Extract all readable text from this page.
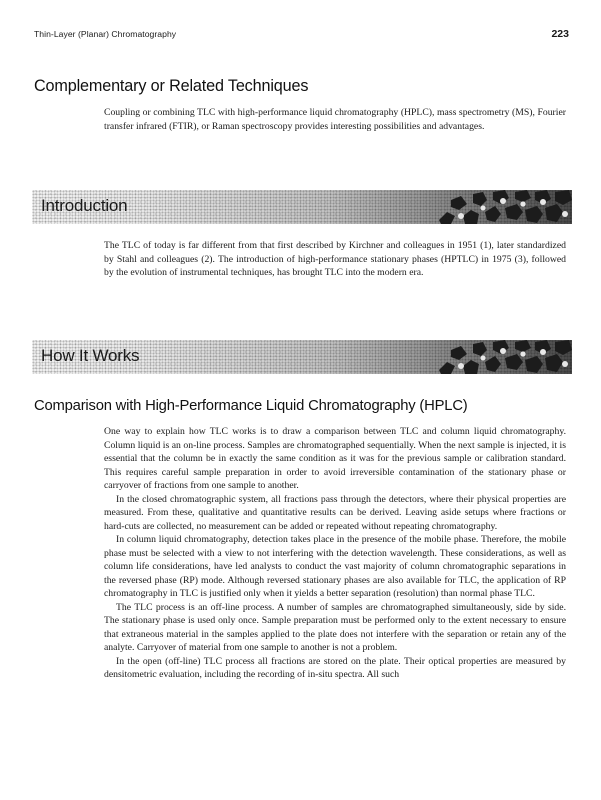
Thin-Layer (Planar) Chromatography	223
Complementary or Related Techniques

Coupling or combining TLC with high-performance liquid chromatography (HPLC), mass spectrometry (MS), Fourier transfer infrared (FTIR), or Raman spectroscopy provides interesting possibilities and advantages.

Introduction

The TLC of today is far different from that first described by Kirchner and colleagues in 1951 (1), later standardized by Stahl and colleagues (2). The introduction of high-performance stationary phases (HPTLC) in 1975 (3), followed by the evolution of instrumental techniques, has brought TLC into the modern era.

How It Works
Comparison with High-Performance Liquid Chromatography (HPLC)

One way to explain how TLC works is to draw a comparison between TLC and column liquid chromatography. Column liquid is an on-line process. Samples are chromatographed sequentially. When the next sample is injected, it is essential that the column be in exactly the same condition as it was for the previous sample or calibration standard. This requires careful sample preparation in order to avoid irreversible contamination of the stationary phase or carryover of fractions from one sample to another.

In the closed chromatographic system, all fractions pass through the detectors, where their physical properties are measured. From these, qualitative and quantitative results can be derived. Leaving aside setups where fractions or hard-cuts are collected, no measurement can be added or repeated without repeating chromatography.

In column liquid chromatography, detection takes place in the presence of the mobile phase. Therefore, the mobile phase must be selected with a view to not interfering with the detection wavelength. These considerations, as well as column life considerations, have led analysts to conduct the vast majority of column chromatographic separations in the reversed phase (RP) mode. Although reversed stationary phases are also available for TLC, the application of RP chromatography in TLC is justified only when it yields a better separation (resolution) than normal phase TLC.

The TLC process is an off-line process. A number of samples are chromatographed simultaneously, side by side. The stationary phase is used only once. Sample preparation must be performed only to the extent necessary to ensure that extraneous material in the samples applied to the plate does not interfere with the separation or retain any of the analyte. Carryover of material from one sample to another is not a problem.

In the open (off-line) TLC process all fractions are stored on the plate. Their optical properties are measured by densitometric evaluation, including the recording of in-situ spectra. All such
